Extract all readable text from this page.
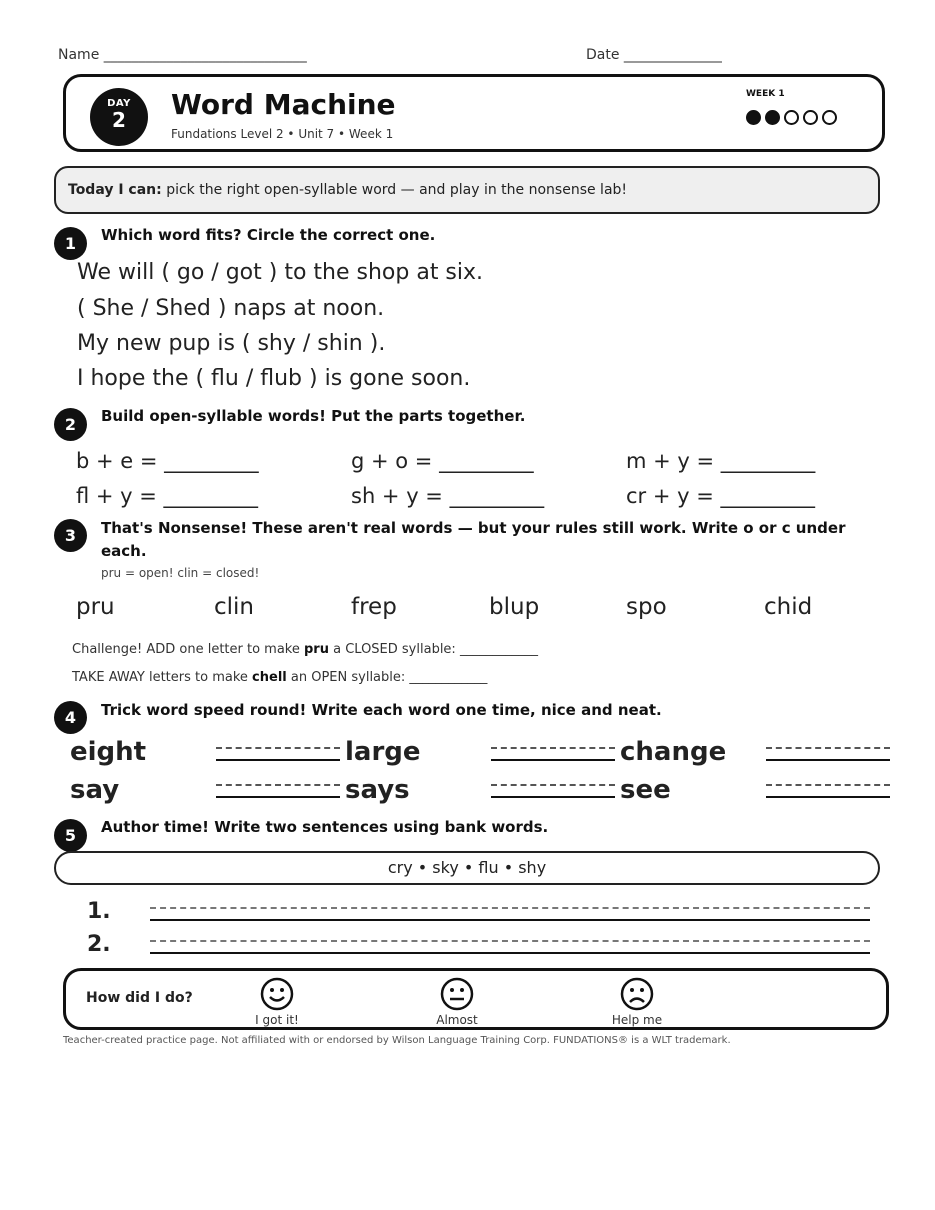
Name _____________________________	Date ______________
DAY
2	Word Machine
Fundations Level 2 • Unit 7 • Week 1
WEEK 1
Today I can: pick the right open-syllable word — and play in the nonsense lab!
1	Which word fits? Circle the correct one.
We will ( go / got ) to the shop at six.
( She / Shed ) naps at noon.
My new pup is ( shy / shin ).
I hope the ( flu / flub ) is gone soon.
2	Build open-syllable words! Put the parts together.
b + e = _________	g + o = _________	m + y = _________
fl + y = _________	sh + y = _________	cr + y = _________
3	That's Nonsense! These aren't real words — but your rules still work. Write o or c under
each.
pru = open! clin = closed!
pru	clin	frep	blup	spo	chid
Challenge! ADD one letter to make pru a CLOSED syllable: ____________
TAKE AWAY letters to make chell an OPEN syllable: ____________
4	Trick word speed round! Write each word one time, nice and neat.
eight	large	change
say	says	see
5	Author time! Write two sentences using bank words.
cry • sky • flu • shy
1.
2.
How did I do?
I got it!	Almost	Help me
Teacher-created practice page. Not affiliated with or endorsed by Wilson Language Training Corp. FUNDATIONS® is a WLT trademark.
